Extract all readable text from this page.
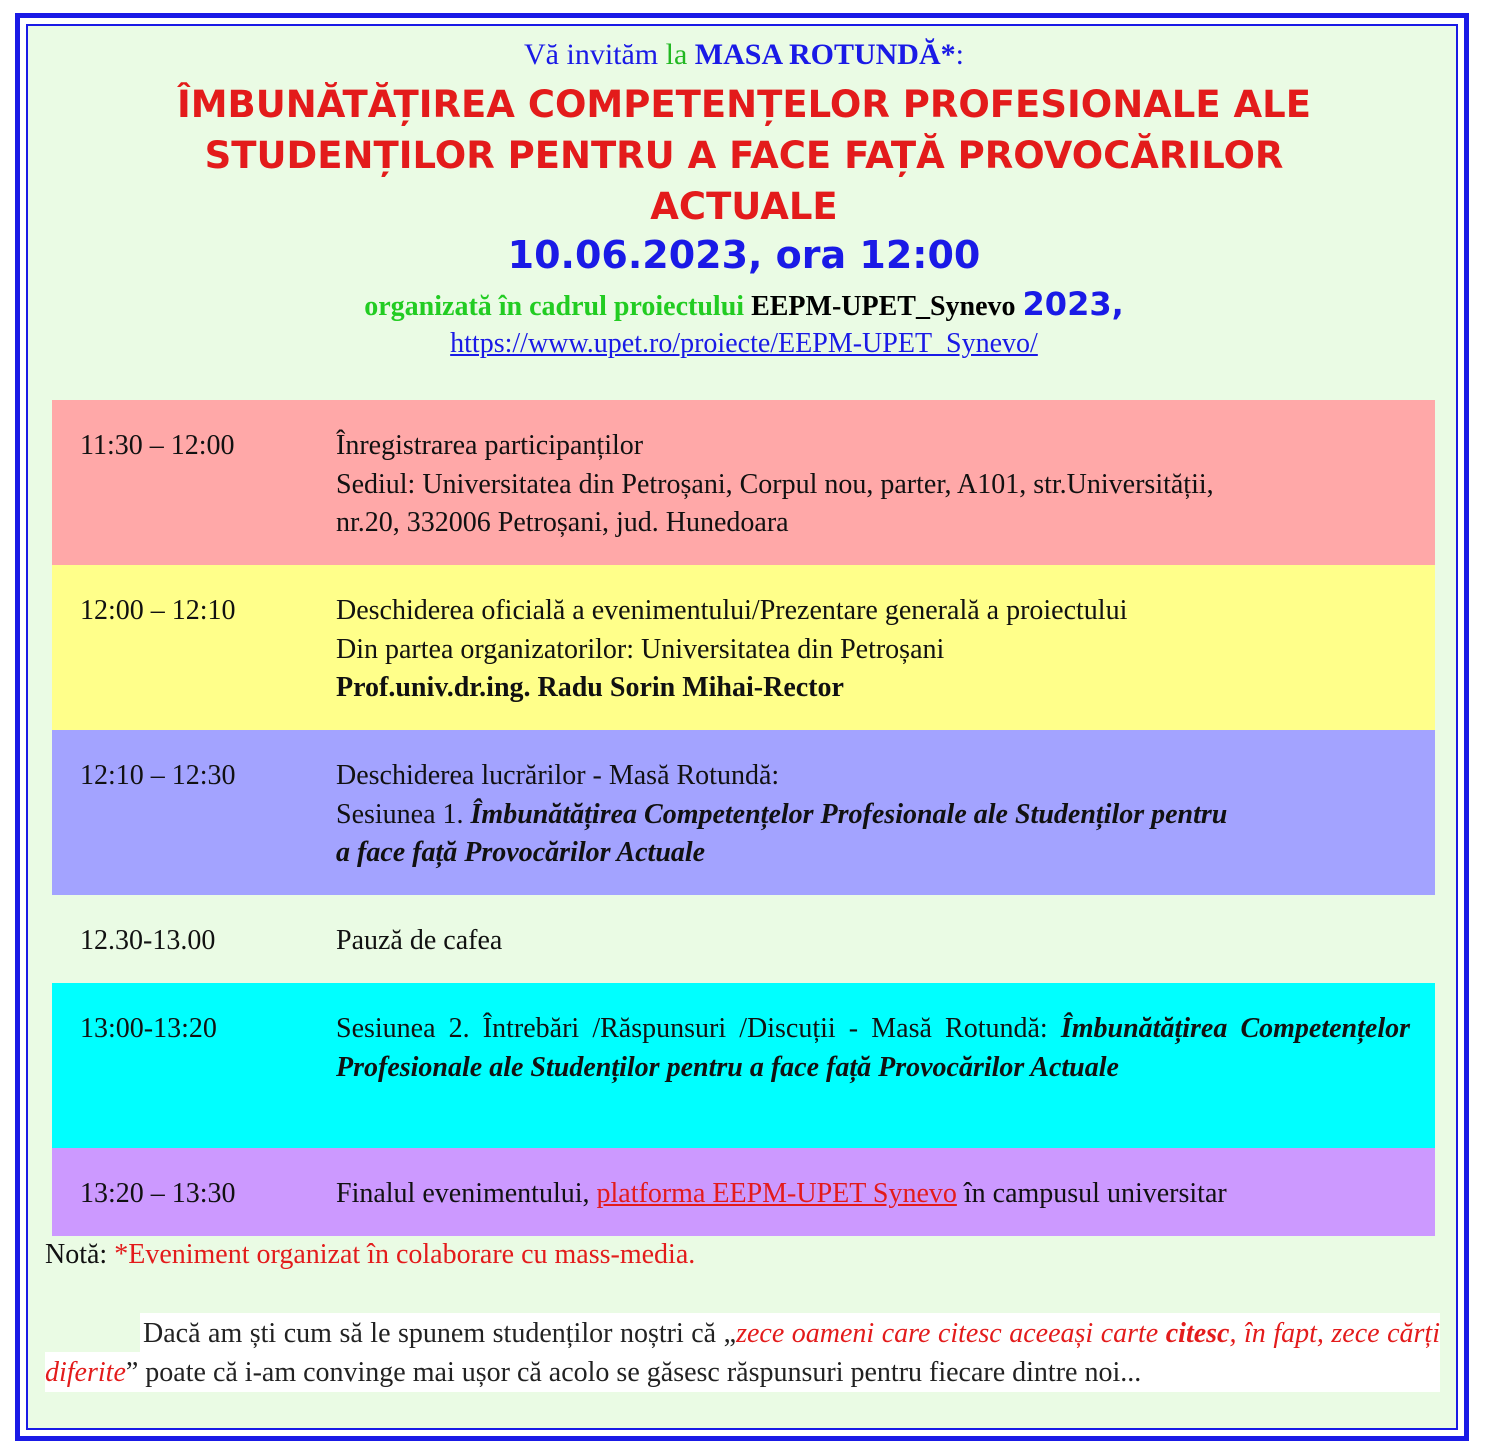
Vă invităm la MASA ROTUNDĂ*:
ÎMBUNĂTĂȚIREA COMPETENȚELOR PROFESIONALE ALE
STUDENȚILOR PENTRU A FACE FAȚĂ PROVOCĂRILOR
ACTUALE
10.06.2023, ora 12:00
organizată în cadrul proiectului EEPM-UPET_Synevo 2023,
https://www.upet.ro/proiecte/EEPM-UPET_Synevo/
11:30 – 12:00	Înregistrarea participanților
Sediul: Universitatea din Petroșani, Corpul nou, parter, A101, str.Universității,
nr.20, 332006 Petroșani, jud. Hunedoara
12:00 – 12:10	Deschiderea oficială a evenimentului/Prezentare generală a proiectului
Din partea organizatorilor: Universitatea din Petroșani
Prof.univ.dr.ing. Radu Sorin Mihai-Rector
12:10 – 12:30	Deschiderea lucrărilor - Masă Rotundă:
Sesiunea 1. Îmbunătățirea Competențelor Profesionale ale Studenților pentru
a face față Provocărilor Actuale
12.30-13.00	Pauză de cafea
13:00-13:20	Sesiunea 2. Întrebări /Răspunsuri /Discuții - Masă Rotundă: Îmbunătățirea Competențelor Profesionale ale Studenților pentru a face față Provocărilor Actuale
13:20 – 13:30	Finalul evenimentului, platforma EEPM-UPET Synevo în campusul universitar
Notă: *Eveniment organizat în colaborare cu mass-media.
Dacă am ști cum să le spunem studenților noștri că „zece oameni care citesc aceeași carte citesc, în fapt, zece cărți diferite” poate că i-am convinge mai ușor că acolo se găsesc răspunsuri pentru fiecare dintre noi...
